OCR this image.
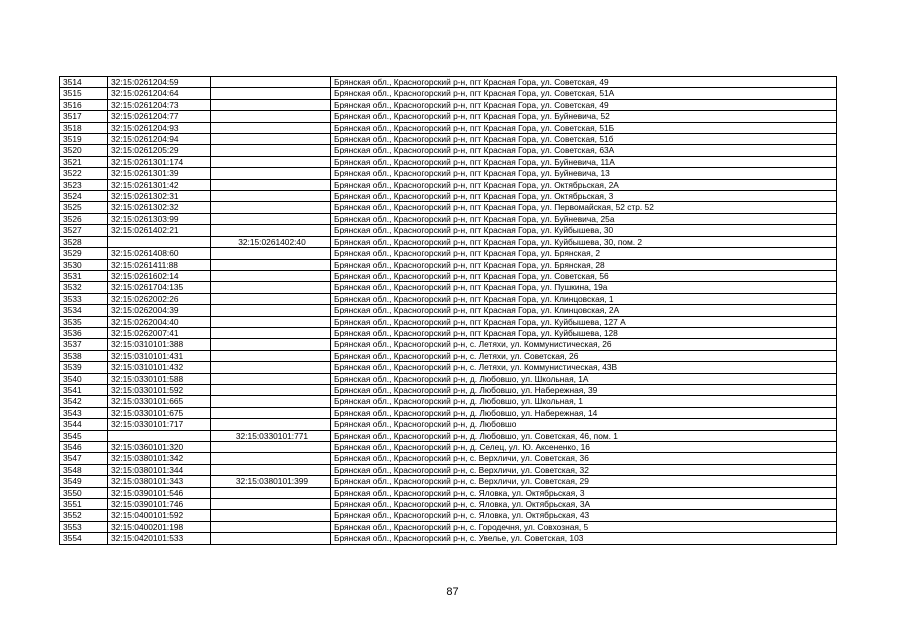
3514	32:15:0261204:59		Брянская обл., Красногорский р-н, пгт Красная Гора, ул. Советская, 49
3515	32:15:0261204:64		Брянская обл., Красногорский р-н, пгт Красная Гора, ул. Советская, 51А
3516	32:15:0261204:73		Брянская обл., Красногорский р-н, пгт Красная Гора, ул. Советская, 49
3517	32:15:0261204:77		Брянская обл., Красногорский р-н, пгт Красная Гора, ул. Буйневича, 52
3518	32:15:0261204:93		Брянская обл., Красногорский р-н, пгт Красная Гора, ул. Советская, 51Б
3519	32:15:0261204:94		Брянская обл., Красногорский р-н, пгт Красная Гора, ул. Советская, 51б
3520	32:15:0261205:29		Брянская обл., Красногорский р-н, пгт Красная Гора, ул. Советская, 63А
3521	32:15:0261301:174		Брянская обл., Красногорский р-н, пгт Красная Гора, ул. Буйневича, 11А
3522	32:15:0261301:39		Брянская обл., Красногорский р-н, пгт Красная Гора, ул. Буйневича, 13
3523	32:15:0261301:42		Брянская обл., Красногорский р-н, пгт Красная Гора, ул. Октябрьская, 2А
3524	32:15:0261302:31		Брянская обл., Красногорский р-н, пгт Красная Гора, ул. Октябрьская, 3
3525	32:15:0261302:32		Брянская обл., Красногорский р-н, пгт Красная Гора, ул. Первомайская, 52 стр. 52
3526	32:15:0261303:99		Брянская обл., Красногорский р-н, пгт Красная Гора, ул. Буйневича, 25а
3527	32:15:0261402:21		Брянская обл., Красногорский р-н, пгт Красная Гора, ул. Куйбышева, 30
3528		32:15:0261402:40	Брянская обл., Красногорский р-н, пгт Красная Гора, ул. Куйбышева, 30, пом. 2
3529	32:15:0261408:60		Брянская обл., Красногорский р-н, пгт Красная Гора, ул. Брянская, 2
3530	32:15:0261411:88		Брянская обл., Красногорский р-н, пгт Красная Гора, ул. Брянская, 28
3531	32:15:0261602:14		Брянская обл., Красногорский р-н, пгт Красная Гора, ул. Советская, 56
3532	32:15:0261704:135		Брянская обл., Красногорский р-н, пгт Красная Гора, ул. Пушкина, 19а
3533	32:15:0262002:26		Брянская обл., Красногорский р-н, пгт Красная Гора, ул. Клинцовская, 1
3534	32:15:0262004:39		Брянская обл., Красногорский р-н, пгт Красная Гора, ул. Клинцовская, 2А
3535	32:15:0262004:40		Брянская обл., Красногорский р-н, пгт Красная Гора, ул. Куйбышева, 127 А
3536	32:15:0262007:41		Брянская обл., Красногорский р-н, пгт Красная Гора, ул. Куйбышева, 128
3537	32:15:0310101:388		Брянская обл., Красногорский р-н, с. Летяхи, ул. Коммунистическая, 26
3538	32:15:0310101:431		Брянская обл., Красногорский р-н, с. Летяхи, ул. Советская, 26
3539	32:15:0310101:432		Брянская обл., Красногорский р-н, с. Летяхи, ул. Коммунистическая, 43В
3540	32:15:0330101:588		Брянская обл., Красногорский р-н, д. Любовшо, ул. Школьная, 1А
3541	32:15:0330101:592		Брянская обл., Красногорский р-н, д. Любовшо, ул. Набережная, 39
3542	32:15:0330101:665		Брянская обл., Красногорский р-н, д. Любовшо, ул. Школьная, 1
3543	32:15:0330101:675		Брянская обл., Красногорский р-н, д. Любовшо, ул. Набережная, 14
3544	32:15:0330101:717		Брянская обл., Красногорский р-н, д. Любовшо
3545		32:15:0330101:771	Брянская обл., Красногорский р-н, д. Любовшо, ул. Советская, 46, пом. 1
3546	32:15:0360101:320		Брянская обл., Красногорский р-н, д. Селец, ул. Ю. Аксененко, 16
3547	32:15:0380101:342		Брянская обл., Красногорский р-н, с. Верхличи, ул. Советская, 36
3548	32:15:0380101:344		Брянская обл., Красногорский р-н, с. Верхличи, ул. Советская, 32
3549	32:15:0380101:343	32:15:0380101:399	Брянская обл., Красногорский р-н, с. Верхличи, ул. Советская, 29
3550	32:15:0390101:546		Брянская обл., Красногорский р-н, с. Яловка, ул. Октябрьская, 3
3551	32:15:0390101:746		Брянская обл., Красногорский р-н, с. Яловка, ул. Октябрьская, 3А
3552	32:15:0400101:592		Брянская обл., Красногорский р-н, с. Яловка, ул. Октябрьская, 43
3553	32:15:0400201:198		Брянская обл., Красногорский р-н, с. Городечня, ул. Совхозная, 5
3554	32:15:0420101:533		Брянская обл., Красногорский р-н, с. Увелье, ул. Советская, 103
87
